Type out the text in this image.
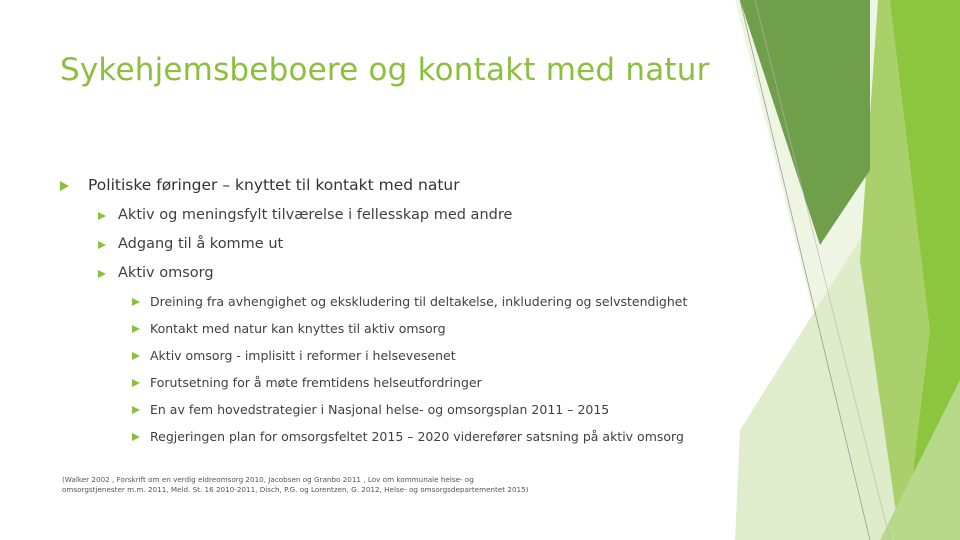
Sykehjemsbeboere og kontakt med natur
Politiske føringer – knyttet til kontakt med natur
Aktiv og meningsfylt tilværelse i fellesskap med andre
Adgang til å komme ut
Aktiv omsorg
Dreining fra avhengighet og ekskludering til deltakelse, inkludering og selvstendighet
Kontakt med natur kan knyttes til aktiv omsorg
Aktiv omsorg - implisitt i reformer i helsevesenet
Forutsetning for å møte fremtidens helseutfordringer
En av fem hovedstrategier i Nasjonal helse- og omsorgsplan 2011 – 2015
Regjeringen plan for omsorgsfeltet 2015 – 2020 viderefører satsning på aktiv omsorg
(Walker 2002 , Forskrift om en verdig eldreomsorg 2010, Jacobsen og Granbo 2011 , Lov om kommunale helse- og omsorgstjenester m.m. 2011, Meld. St. 16 2010-2011, Disch, P.G. og Lorentzen, G. 2012, Helse- og omsorgsdepartementet 2015)
